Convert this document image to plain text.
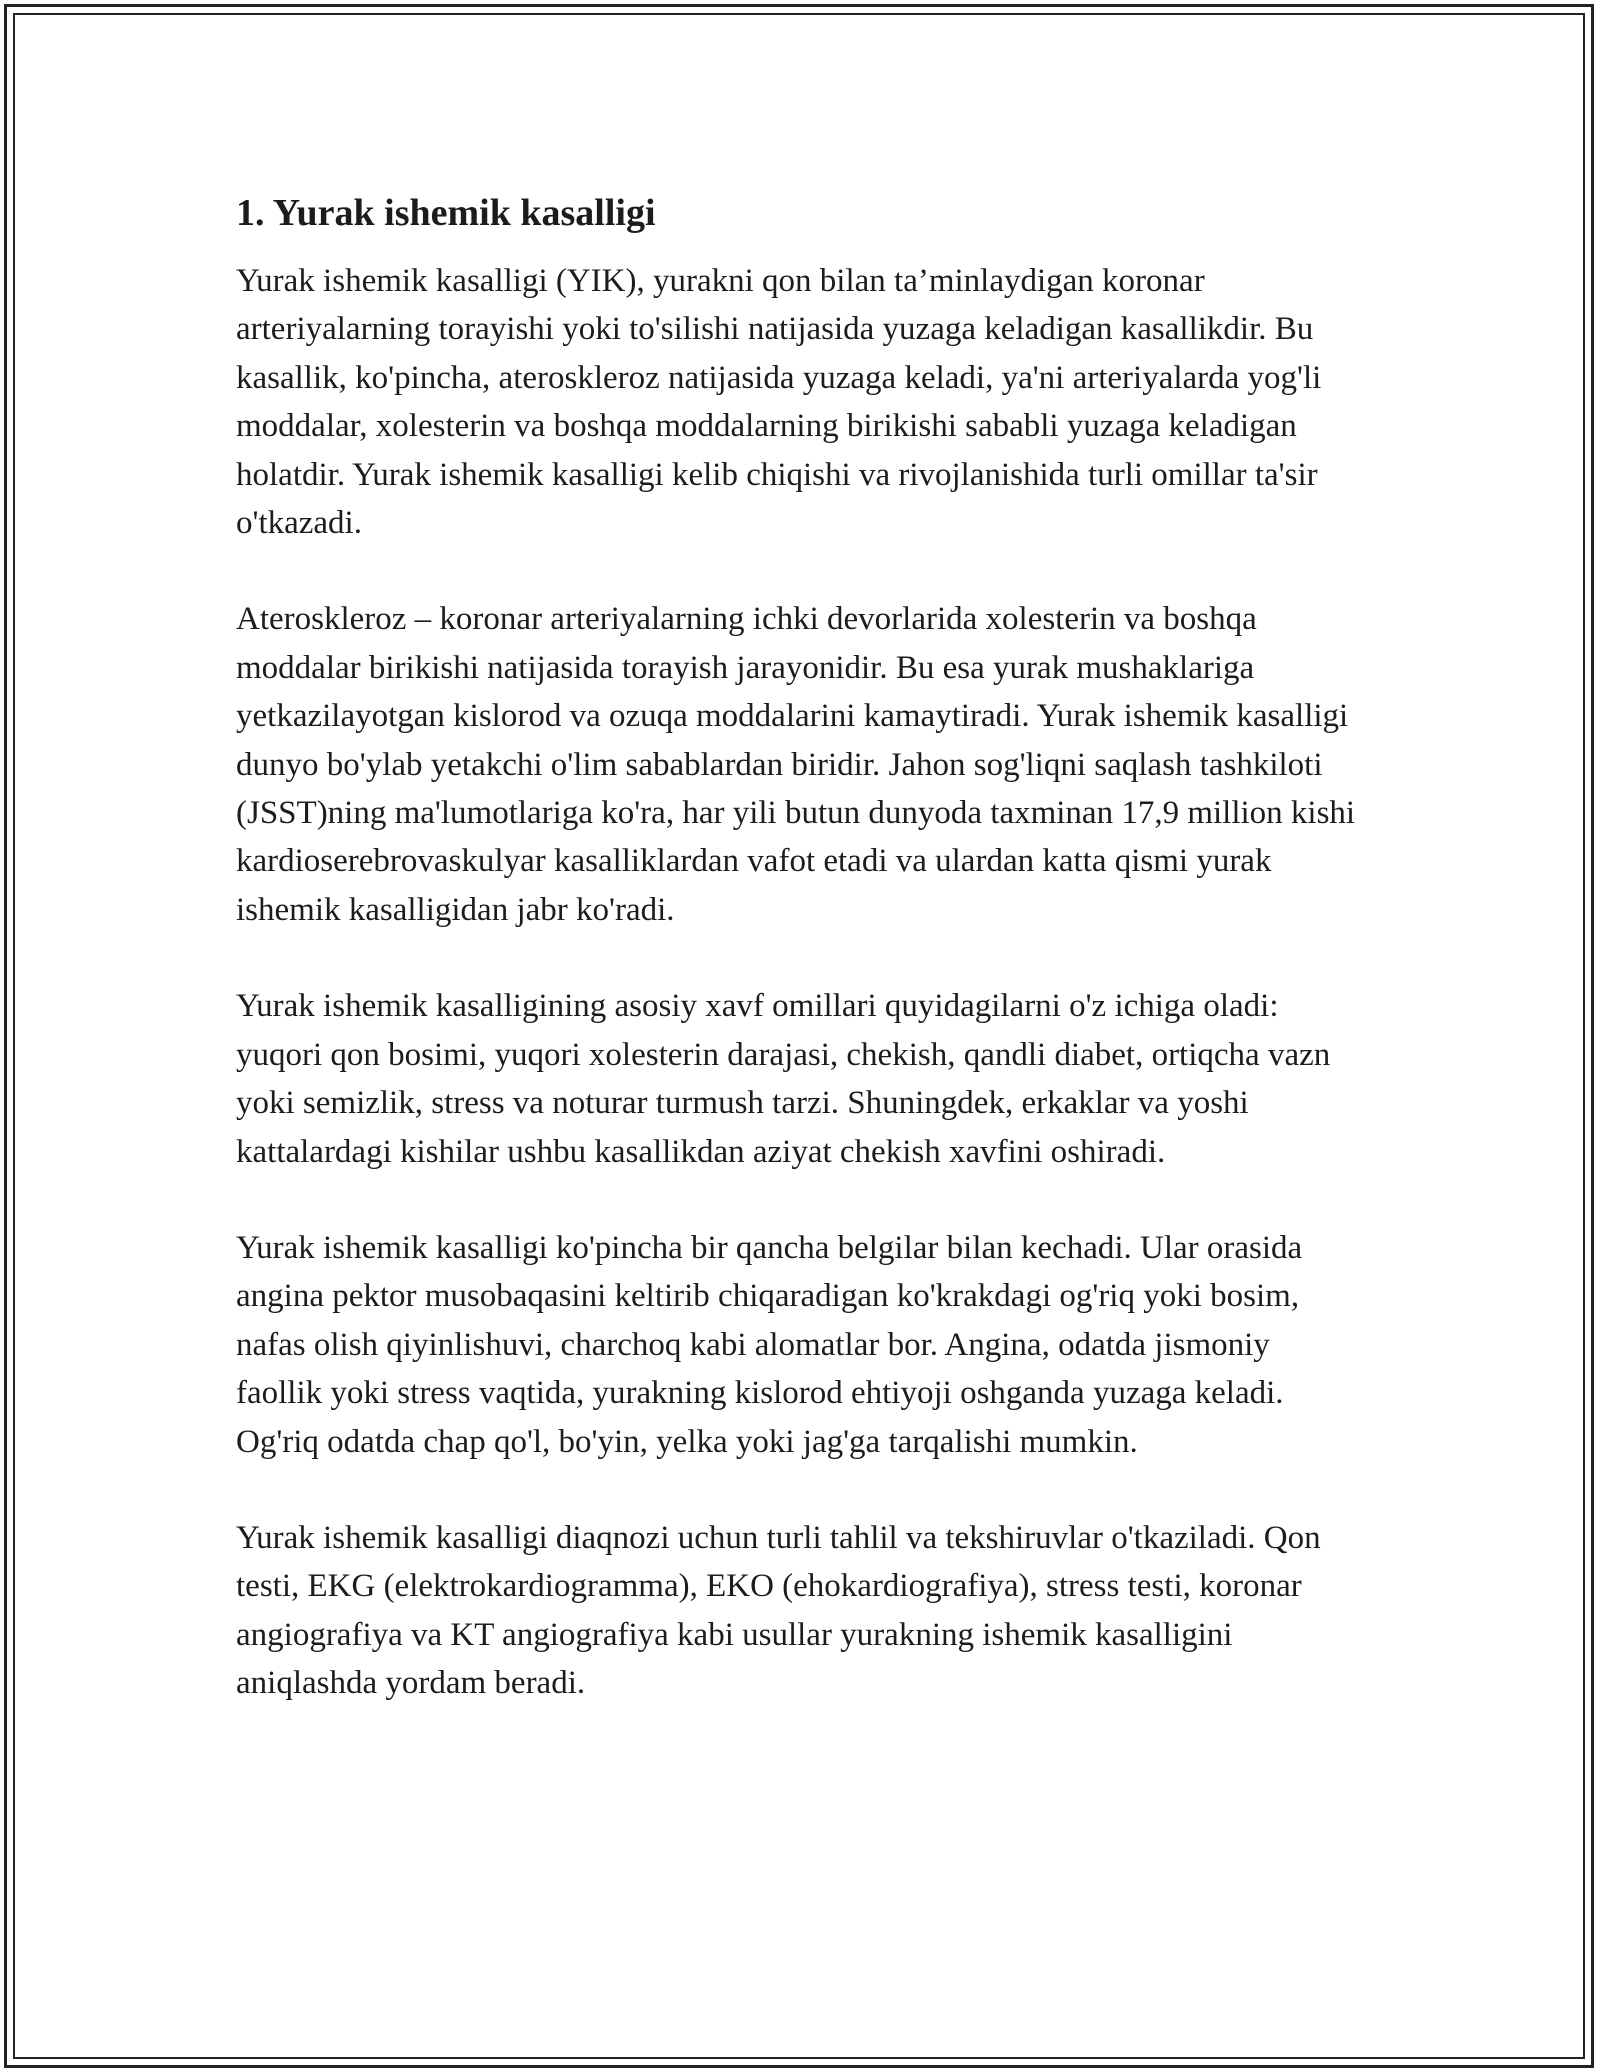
1. Yurak ishemik kasalligi

Yurak ishemik kasalligi (YIK), yurakni qon bilan ta’minlaydigan koronar arteriyalarning torayishi yoki to'silishi natijasida yuzaga keladigan kasallikdir. Bu kasallik, ko'pincha, ateroskleroz natijasida yuzaga keladi, ya'ni arteriyalarda yog'li moddalar, xolesterin va boshqa moddalarning birikishi sababli yuzaga keladigan holatdir. Yurak ishemik kasalligi kelib chiqishi va rivojlanishida turli omillar ta'sir o'tkazadi.

Ateroskleroz – koronar arteriyalarning ichki devorlarida xolesterin va boshqa moddalar birikishi natijasida torayish jarayonidir. Bu esa yurak mushaklariga yetkazilayotgan kislorod va ozuqa moddalarini kamaytiradi. Yurak ishemik kasalligi dunyo bo'ylab yetakchi o'lim sabablardan biridir. Jahon sog'liqni saqlash tashkiloti (JSST)ning ma'lumotlariga ko'ra, har yili butun dunyoda taxminan 17,9 million kishi kardioserebrovaskulyar kasalliklardan vafot etadi va ulardan katta qismi yurak ishemik kasalligidan jabr ko'radi.

Yurak ishemik kasalligining asosiy xavf omillari quyidagilarni o'z ichiga oladi: yuqori qon bosimi, yuqori xolesterin darajasi, chekish, qandli diabet, ortiqcha vazn yoki semizlik, stress va noturar turmush tarzi. Shuningdek, erkaklar va yoshi kattalardagi kishilar ushbu kasallikdan aziyat chekish xavfini oshiradi.

Yurak ishemik kasalligi ko'pincha bir qancha belgilar bilan kechadi. Ular orasida angina pektor musobaqasini keltirib chiqaradigan ko'krakdagi og'riq yoki bosim, nafas olish qiyinlishuvi, charchoq kabi alomatlar bor. Angina, odatda jismoniy faollik yoki stress vaqtida, yurakning kislorod ehtiyoji oshganda yuzaga keladi. Og'riq odatda chap qo'l, bo'yin, yelka yoki jag'ga tarqalishi mumkin.

Yurak ishemik kasalligi diaqnozi uchun turli tahlil va tekshiruvlar o'tkaziladi. Qon testi, EKG (elektrokardiogramma), EKO (ehokardiografiya), stress testi, koronar angiografiya va KT angiografiya kabi usullar yurakning ishemik kasalligini aniqlashda yordam beradi.
